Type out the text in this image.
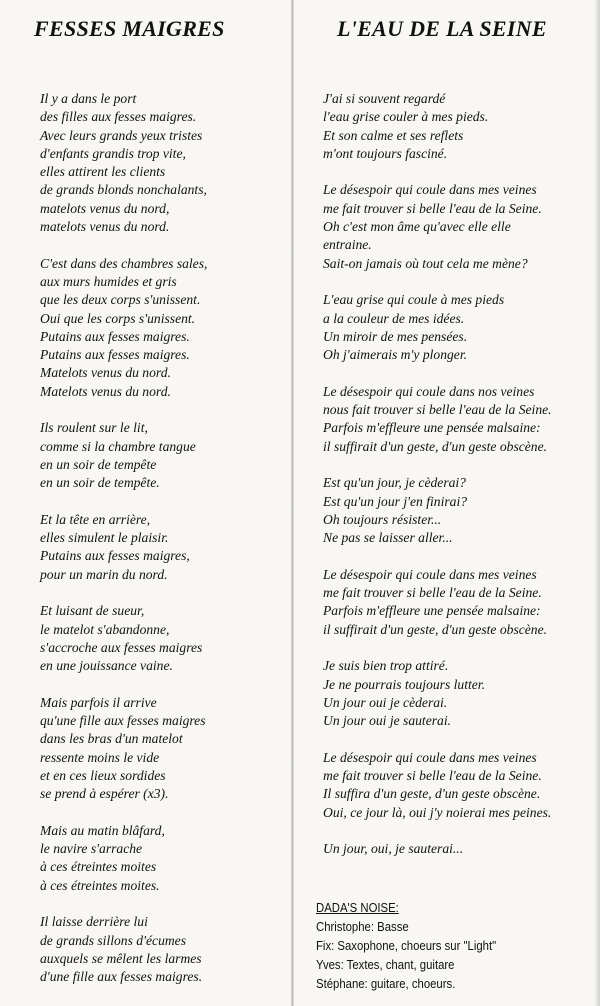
FESSES MAIGRES	L'EAU DE LA SEINE
Il y a dans le port
des filles aux fesses maigres.
Avec leurs grands yeux tristes
d'enfants grandis trop vite,
elles attirent les clients
de grands blonds nonchalants,
matelots venus du nord,
matelots venus du nord.
C'est dans des chambres sales,
aux murs humides et gris
que les deux corps s'unissent.
Oui que les corps s'unissent.
Putains aux fesses maigres.
Putains aux fesses maigres.
Matelots venus du nord.
Matelots venus du nord.
Ils roulent sur le lit,
comme si la chambre tangue
en un soir de tempête
en un soir de tempête.
Et la tête en arrière,
elles simulent le plaisir.
Putains aux fesses maigres,
pour un marin du nord.
Et luisant de sueur,
le matelot s'abandonne,
s'accroche aux fesses maigres
en une jouissance vaine.
Mais parfois il arrive
qu'une fille aux fesses maigres
dans les bras d'un matelot
ressente moins le vide
et en ces lieux sordides
se prend à espérer (x3).
Mais au matin blâfard,
le navire s'arrache
à ces étreintes moites
à ces étreintes moites.
Il laisse derrière lui
de grands sillons d'écumes
auxquels se mêlent les larmes
d'une fille aux fesses maigres.
J'ai si souvent regardé
l'eau grise couler à mes pieds.
Et son calme et ses reflets
m'ont toujours fasciné.
Le désespoir qui coule dans mes veines
me fait trouver si belle l'eau de la Seine.
Oh c'est mon âme qu'avec elle elle
entraine.
Sait-on jamais où tout cela me mène?
L'eau grise qui coule à mes pieds
a la couleur de mes idées.
Un miroir de mes pensées.
Oh j'aimerais m'y plonger.
Le désespoir qui coule dans nos veines
nous fait trouver si belle l'eau de la Seine.
Parfois m'effleure une pensée malsaine:
il suffirait d'un geste, d'un geste obscène.
Est qu'un jour, je cèderai?
Est qu'un jour j'en finirai?
Oh toujours résister...
Ne pas se laisser aller...
Le désespoir qui coule dans mes veines
me fait trouver si belle l'eau de la Seine.
Parfois m'effleure une pensée malsaine:
il suffirait d'un geste, d'un geste obscène.
Je suis bien trop attiré.
Je ne pourrais toujours lutter.
Un jour oui je cèderai.
Un jour oui je sauterai.
Le désespoir qui coule dans mes veines
me fait trouver si belle l'eau de la Seine.
Il suffira d'un geste, d'un geste obscène.
Oui, ce jour là, oui j'y noierai mes peines.
Un jour, oui, je sauterai...
DADA'S NOISE:
Christophe: Basse
Fix: Saxophone, choeurs sur "Light"
Yves: Textes, chant, guitare
Stéphane: guitare, choeurs.
